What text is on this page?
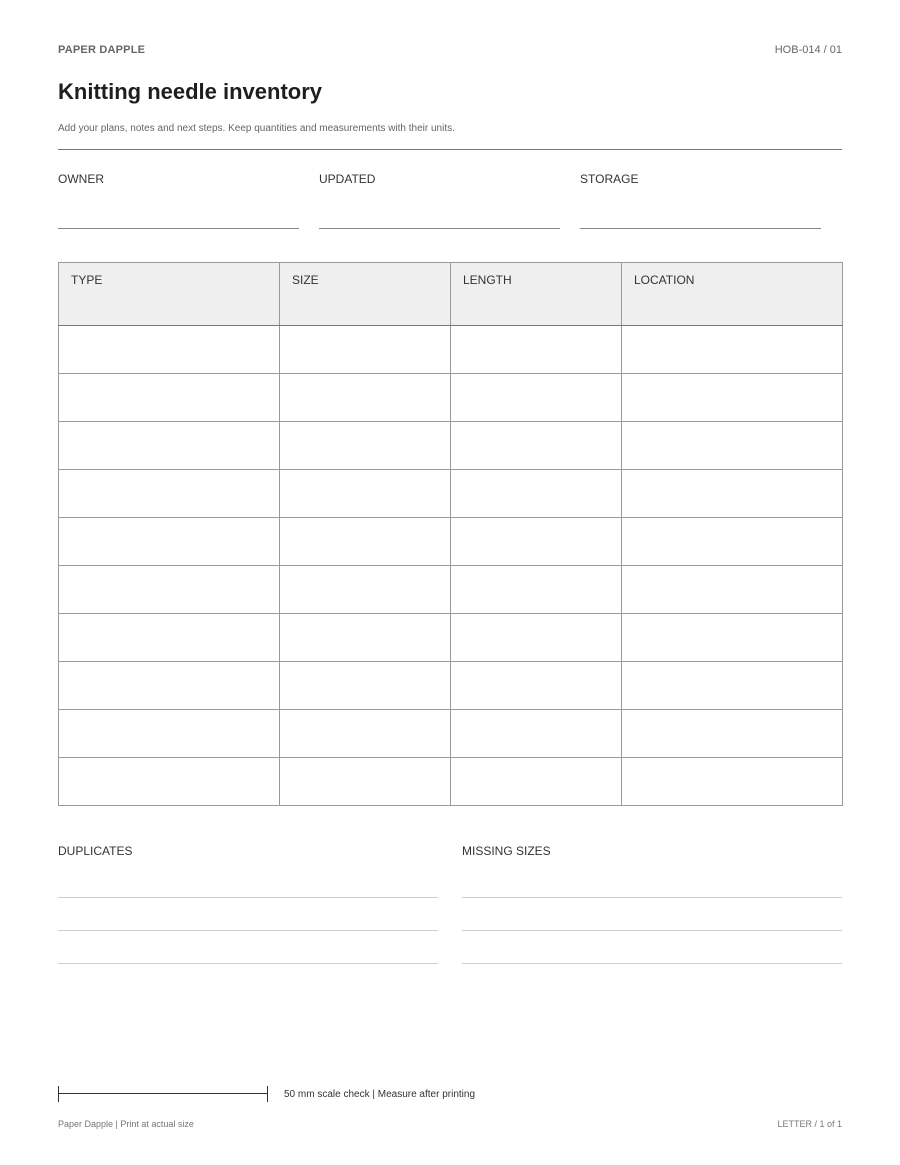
PAPER DAPPLE	HOB-014 / 01
Knitting needle inventory

Add your plans, notes and next steps. Keep quantities and measurements with their units.

OWNER	UPDATED	STORAGE
TYPE	SIZE	LENGTH	LOCATION

DUPLICATES	MISSING SIZES
50 mm scale check | Measure after printing
Paper Dapple | Print at actual size	LETTER / 1 of 1
